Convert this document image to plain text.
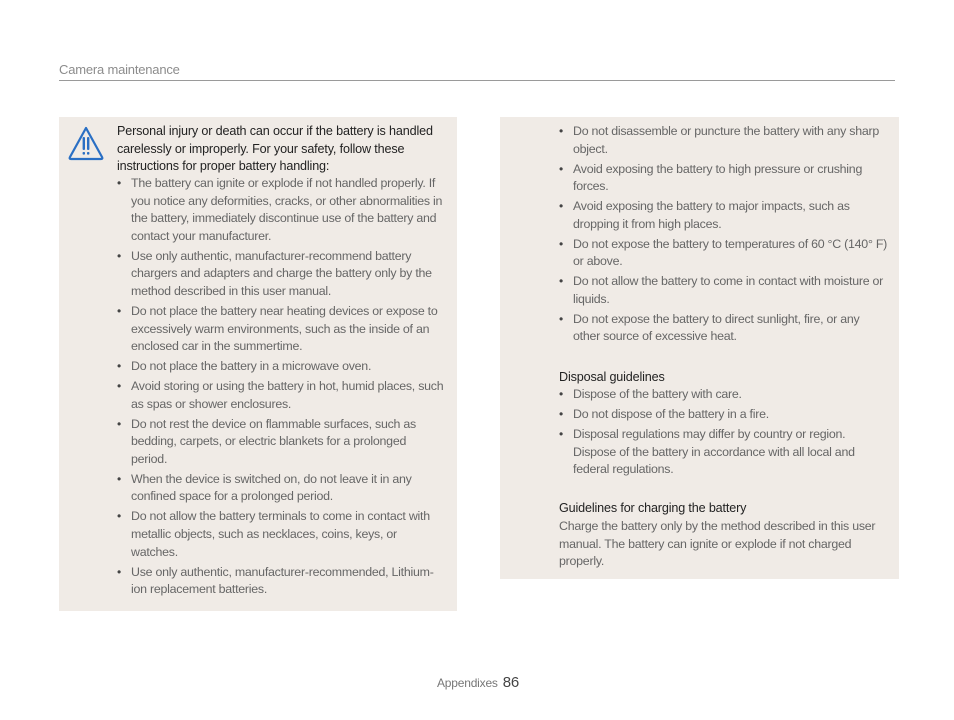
Camera maintenance
Personal injury or death can occur if the battery is handled carelessly or improperly. For your safety, follow these instructions for proper battery handling:
• The battery can ignite or explode if not handled properly. If you notice any deformities, cracks, or other abnormalities in the battery, immediately discontinue use of the battery and contact your manufacturer.
• Use only authentic, manufacturer-recommend battery chargers and adapters and charge the battery only by the method described in this user manual.
• Do not place the battery near heating devices or expose to excessively warm environments, such as the inside of an enclosed car in the summertime.
• Do not place the battery in a microwave oven.
• Avoid storing or using the battery in hot, humid places, such as spas or shower enclosures.
• Do not rest the device on flammable surfaces, such as bedding, carpets, or electric blankets for a prolonged period.
• When the device is switched on, do not leave it in any confined space for a prolonged period.
• Do not allow the battery terminals to come in contact with metallic objects, such as necklaces, coins, keys, or watches.
• Use only authentic, manufacturer-recommended, Lithium-ion replacement batteries.
• Do not disassemble or puncture the battery with any sharp object.
• Avoid exposing the battery to high pressure or crushing forces.
• Avoid exposing the battery to major impacts, such as dropping it from high places.
• Do not expose the battery to temperatures of 60 °C (140° F) or above.
• Do not allow the battery to come in contact with moisture or liquids.
• Do not expose the battery to direct sunlight, fire, or any other source of excessive heat.
Disposal guidelines
• Dispose of the battery with care.
• Do not dispose of the battery in a fire.
• Disposal regulations may differ by country or region. Dispose of the battery in accordance with all local and federal regulations.
Guidelines for charging the battery
Charge the battery only by the method described in this user manual. The battery can ignite or explode if not charged properly.
Appendixes 86
